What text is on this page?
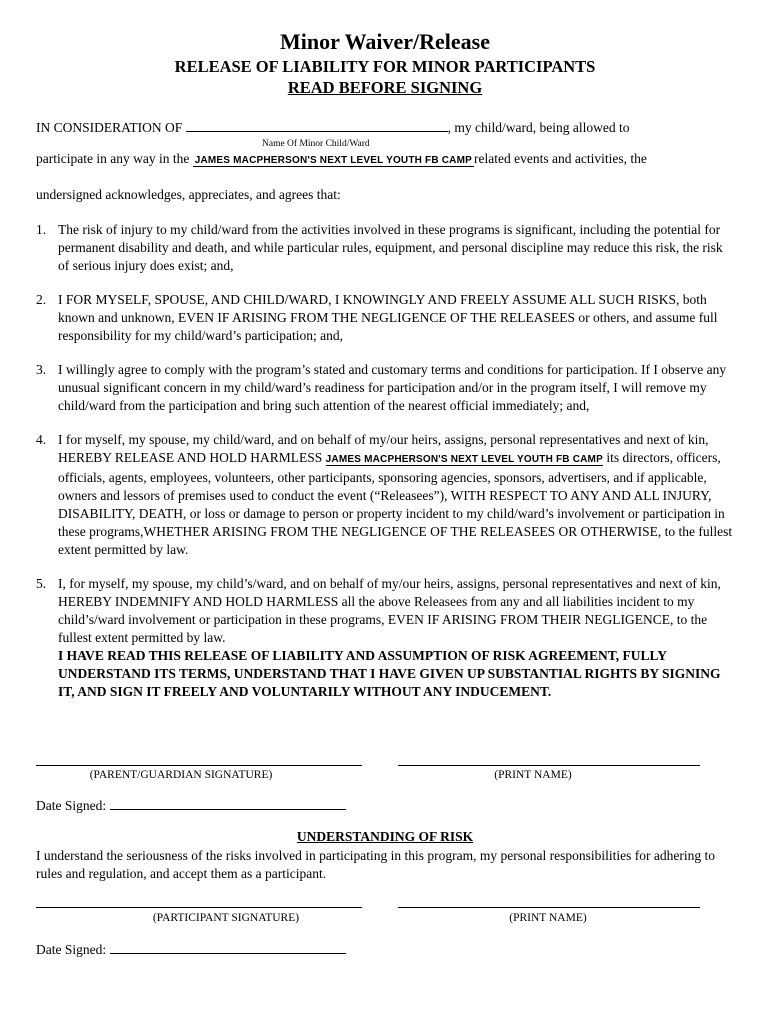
Minor Waiver/Release
RELEASE OF LIABILITY FOR MINOR PARTICIPANTS
READ BEFORE SIGNING
IN CONSIDERATION OF	, my child/ward, being allowed to
Name Of Minor Child/Ward
participate in any way in the JAMES MACPHERSON'S NEXT LEVEL YOUTH FB CAMP related events and activities, the
undersigned acknowledges, appreciates, and agrees that:
1. The risk of injury to my child/ward from the activities involved in these programs is significant, including the potential for permanent disability and death, and while particular rules, equipment, and personal discipline may reduce this risk, the risk of serious injury does exist; and,
2. I FOR MYSELF, SPOUSE, AND CHILD/WARD, I KNOWINGLY AND FREELY ASSUME ALL SUCH RISKS, both known and unknown, EVEN IF ARISING FROM THE NEGLIGENCE OF THE RELEASEES or others, and assume full responsibility for my child/ward’s participation; and,
3. I willingly agree to comply with the program’s stated and customary terms and conditions for participation. If I observe any unusual significant concern in my child/ward’s readiness for participation and/or in the program itself, I will remove my child/ward from the participation and bring such attention of the nearest official immediately; and,
4. I for myself, my spouse, my child/ward, and on behalf of my/our heirs, assigns, personal representatives and next of kin, HEREBY RELEASE AND HOLD HARMLESS JAMES MACPHERSON'S NEXT LEVEL YOUTH FB CAMP its directors, officers, officials, agents, employees, volunteers, other participants, sponsoring agencies, sponsors, advertisers, and if applicable, owners and lessors of premises used to conduct the event (“Releasees”), WITH RESPECT TO ANY AND ALL INJURY, DISABILITY, DEATH, or loss or damage to person or property incident to my child/ward’s involvement or participation in these programs,WHETHER ARISING FROM THE NEGLIGENCE OF THE RELEASEES OR OTHERWISE, to the fullest extent permitted by law.
5. I, for myself, my spouse, my child’s/ward, and on behalf of my/our heirs, assigns, personal representatives and next of kin, HEREBY INDEMNIFY AND HOLD HARMLESS all the above Releasees from any and all liabilities incident to my child’s/ward involvement or participation in these programs, EVEN IF ARISING FROM THEIR NEGLIGENCE, to the fullest extent permitted by law.
I HAVE READ THIS RELEASE OF LIABILITY AND ASSUMPTION OF RISK AGREEMENT, FULLY UNDERSTAND ITS TERMS, UNDERSTAND THAT I HAVE GIVEN UP SUBSTANTIAL RIGHTS BY SIGNING IT, AND SIGN IT FREELY AND VOLUNTARILY WITHOUT ANY INDUCEMENT.
(PARENT/GUARDIAN SIGNATURE)	(PRINT NAME)
Date Signed:
UNDERSTANDING OF RISK
I understand the seriousness of the risks involved in participating in this program, my personal responsibilities for adhering to rules and regulation, and accept them as a participant.
(PARTICIPANT SIGNATURE)	(PRINT NAME)
Date Signed:
